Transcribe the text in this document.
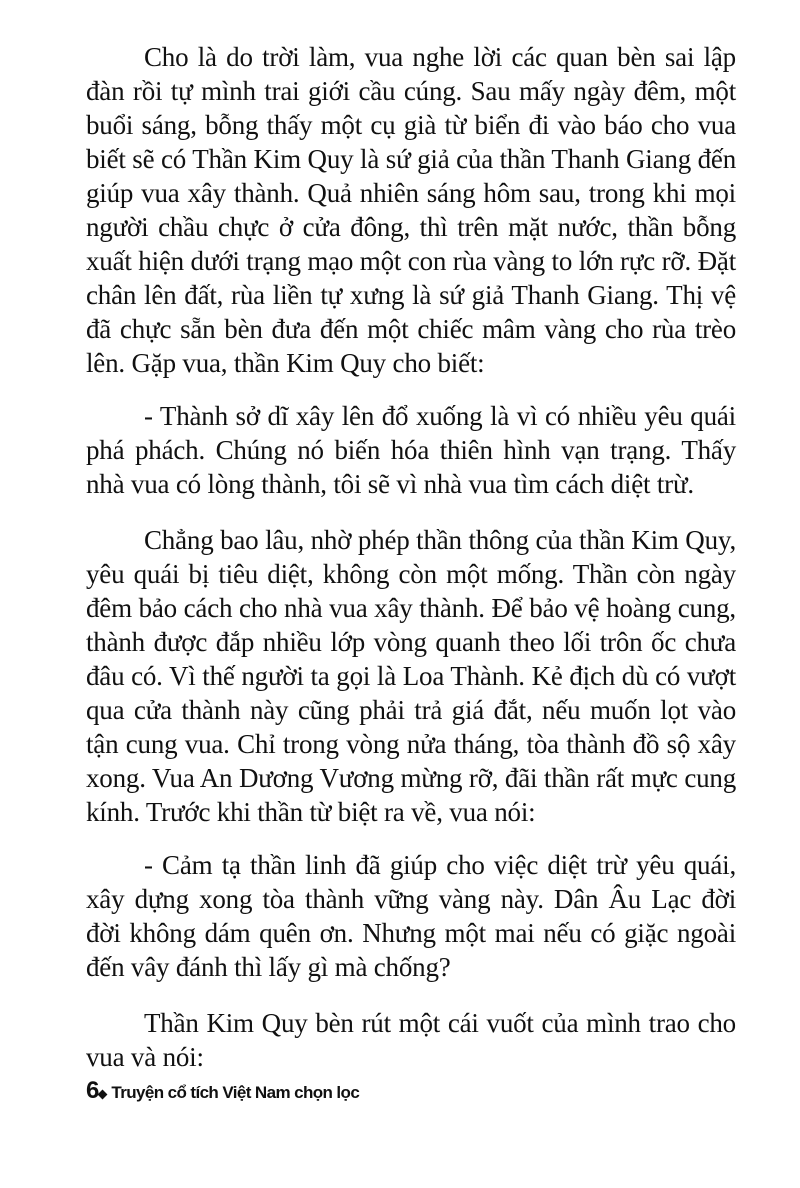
Cho là do trời làm, vua nghe lời các quan bèn sai lập đàn rồi tự mình trai giới cầu cúng. Sau mấy ngày đêm, một buổi sáng, bỗng thấy một cụ già từ biển đi vào báo cho vua biết sẽ có Thần Kim Quy là sứ giả của thần Thanh Giang đến giúp vua xây thành. Quả nhiên sáng hôm sau, trong khi mọi người chầu chực ở cửa đông, thì trên mặt nước, thần bỗng xuất hiện dưới trạng mạo một con rùa vàng to lớn rực rỡ. Đặt chân lên đất, rùa liền tự xưng là sứ giả Thanh Giang. Thị vệ đã chực sẵn bèn đưa đến một chiếc mâm vàng cho rùa trèo lên. Gặp vua, thần Kim Quy cho biết:

- Thành sở dĩ xây lên đổ xuống là vì có nhiều yêu quái phá phách. Chúng nó biến hóa thiên hình vạn trạng. Thấy nhà vua có lòng thành, tôi sẽ vì nhà vua tìm cách diệt trừ.

Chẳng bao lâu, nhờ phép thần thông của thần Kim Quy, yêu quái bị tiêu diệt, không còn một mống. Thần còn ngày đêm bảo cách cho nhà vua xây thành. Để bảo vệ hoàng cung, thành được đắp nhiều lớp vòng quanh theo lối trôn ốc chưa đâu có. Vì thế người ta gọi là Loa Thành. Kẻ địch dù có vượt qua cửa thành này cũng phải trả giá đắt, nếu muốn lọt vào tận cung vua. Chỉ trong vòng nửa tháng, tòa thành đồ sộ xây xong. Vua An Dương Vương mừng rỡ, đãi thần rất mực cung kính. Trước khi thần từ biệt ra về, vua nói:

- Cảm tạ thần linh đã giúp cho việc diệt trừ yêu quái, xây dựng xong tòa thành vững vàng này. Dân Âu Lạc đời đời không dám quên ơn. Nhưng một mai nếu có giặc ngoài đến vây đánh thì lấy gì mà chống?

Thần Kim Quy bèn rút một cái vuốt của mình trao cho vua và nói:

6 Truyện cổ tích Việt Nam chọn lọc
